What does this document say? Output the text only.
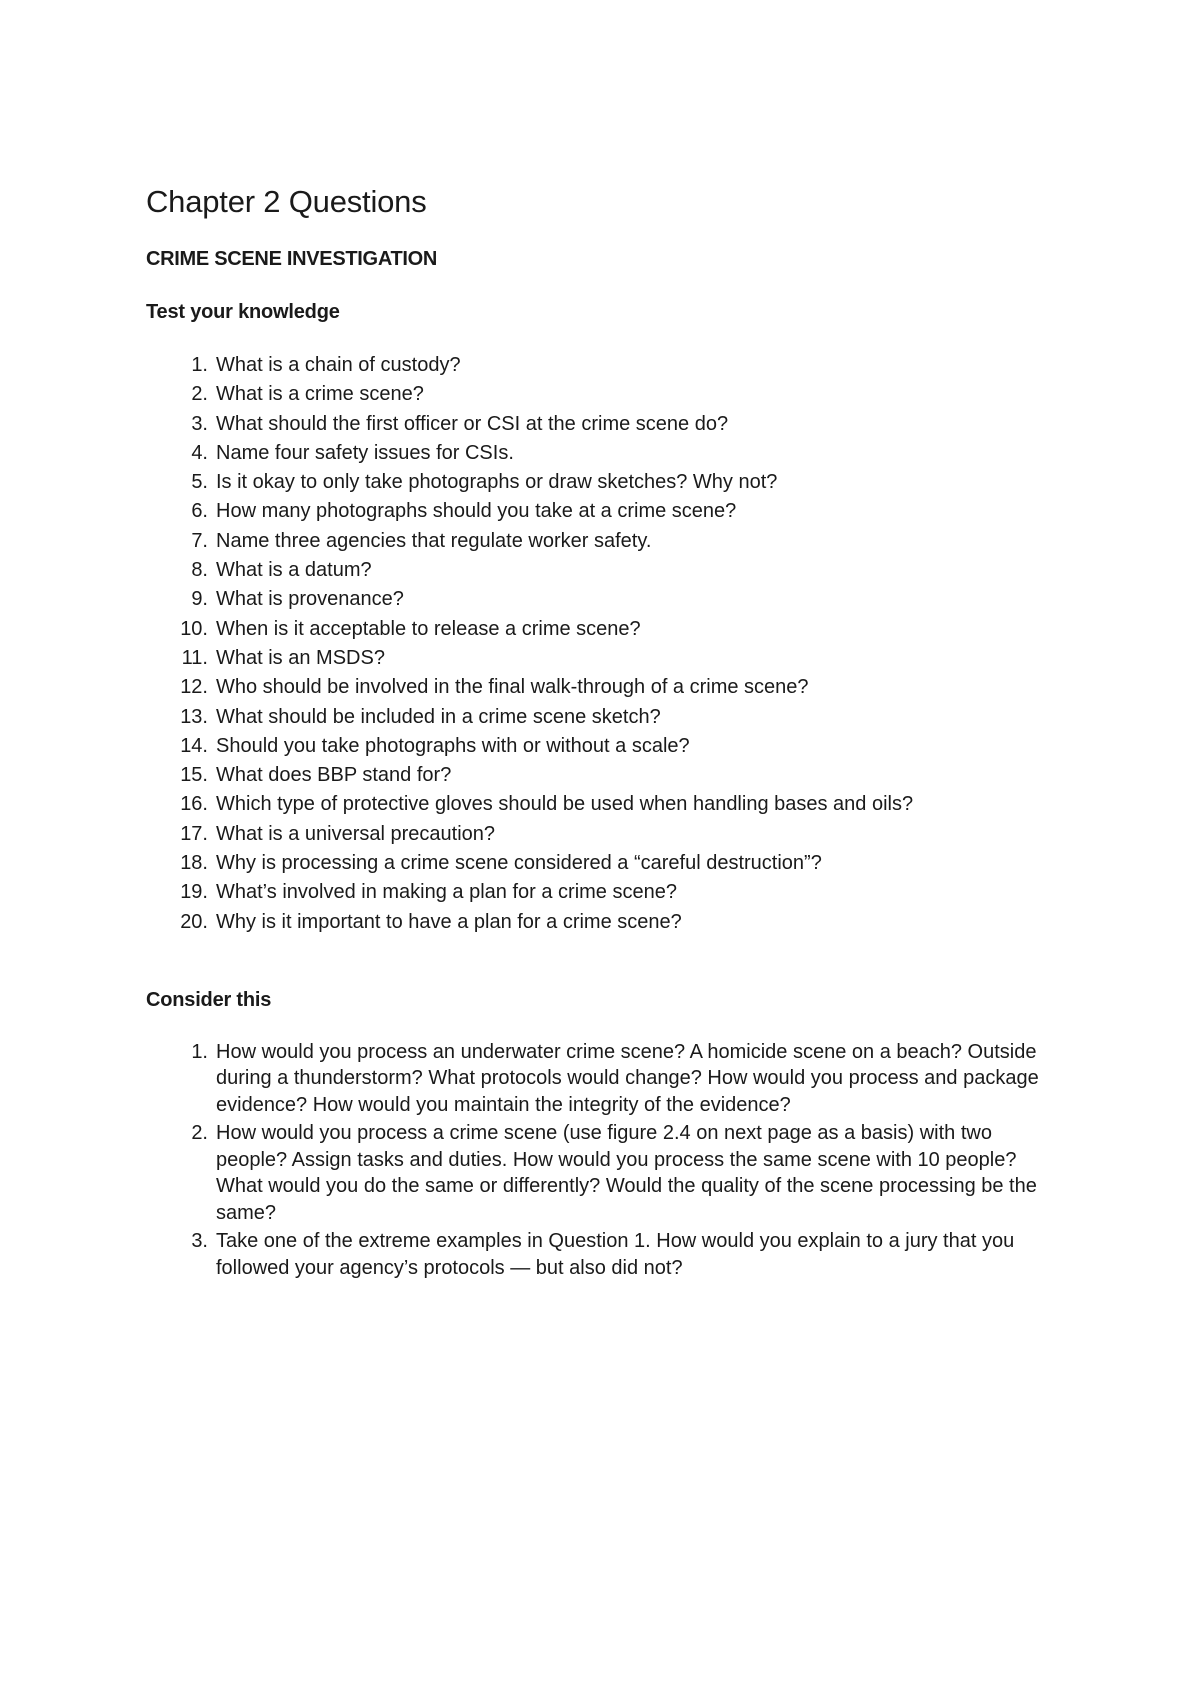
Chapter 2 Questions
CRIME SCENE INVESTIGATION
Test your knowledge
1. What is a chain of custody?
2. What is a crime scene?
3. What should the first officer or CSI at the crime scene do?
4. Name four safety issues for CSIs.
5. Is it okay to only take photographs or draw sketches? Why not?
6. How many photographs should you take at a crime scene?
7. Name three agencies that regulate worker safety.
8. What is a datum?
9. What is provenance?
10. When is it acceptable to release a crime scene?
11. What is an MSDS?
12. Who should be involved in the final walk-through of a crime scene?
13. What should be included in a crime scene sketch?
14. Should you take photographs with or without a scale?
15. What does BBP stand for?
16. Which type of protective gloves should be used when handling bases and oils?
17. What is a universal precaution?
18. Why is processing a crime scene considered a “careful destruction”?
19. What’s involved in making a plan for a crime scene?
20. Why is it important to have a plan for a crime scene?
Consider this
1. How would you process an underwater crime scene? A homicide scene on a beach? Outside during a thunderstorm? What protocols would change? How would you process and package evidence? How would you maintain the integrity of the evidence?
2. How would you process a crime scene (use figure 2.4 on next page as a basis) with two people? Assign tasks and duties. How would you process the same scene with 10 people? What would you do the same or differently? Would the quality of the scene processing be the same?
3. Take one of the extreme examples in Question 1. How would you explain to a jury that you followed your agency’s protocols — but also did not?
